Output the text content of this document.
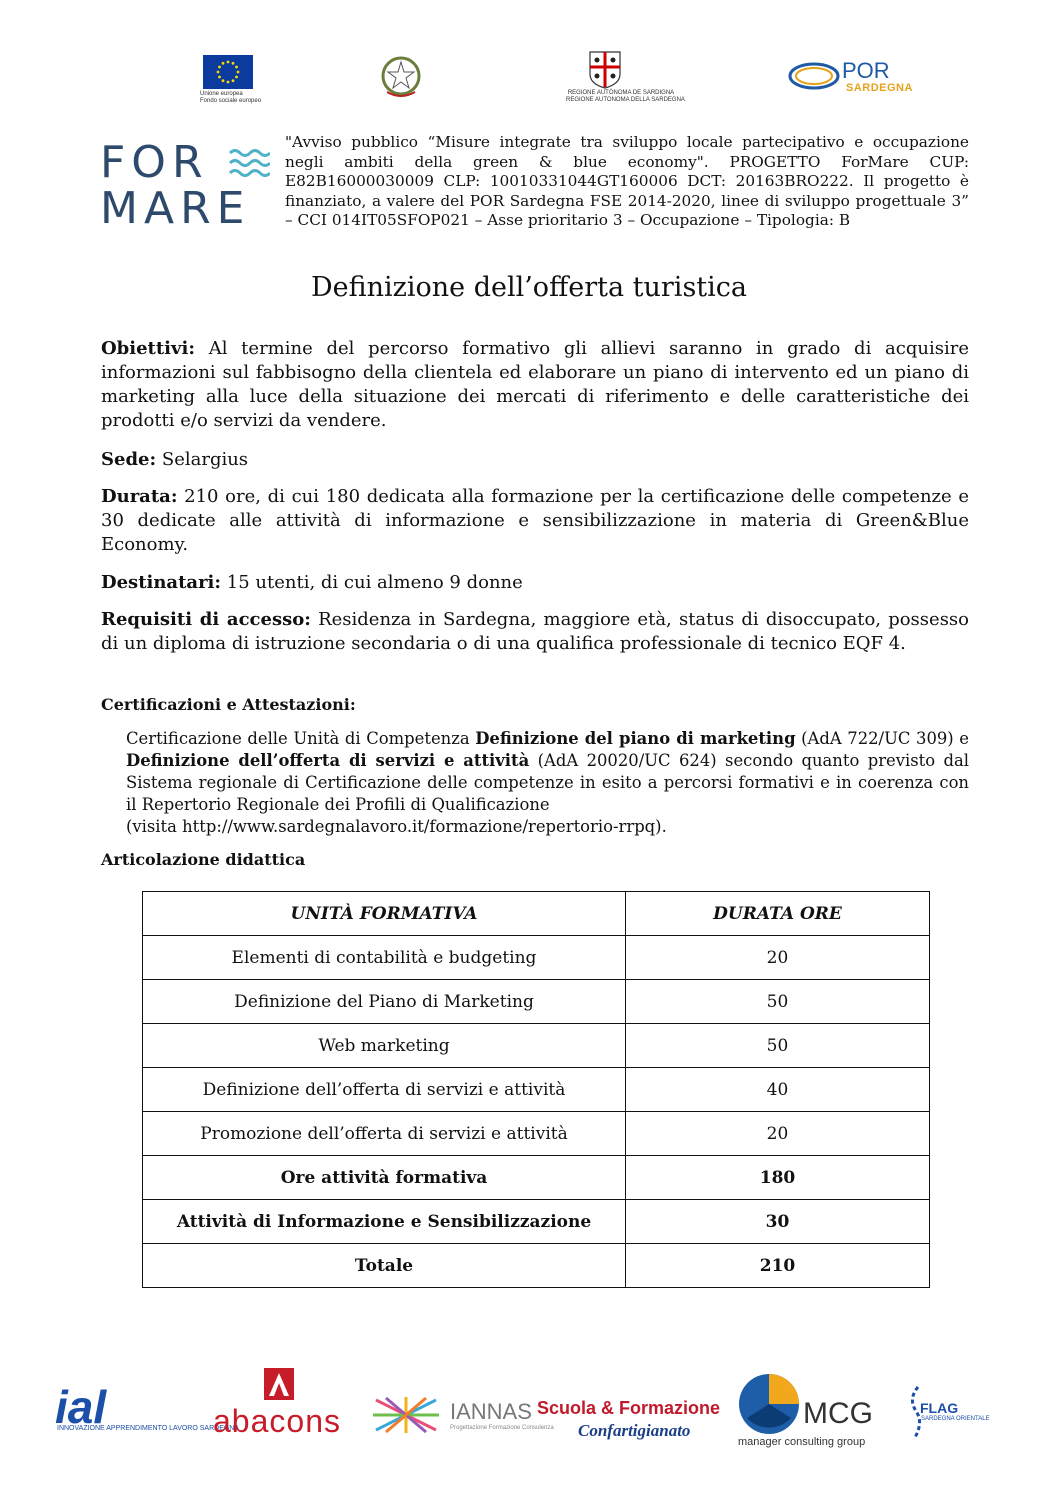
Unione europea
Fondo sociale europeo
REGIONE AUTÒNOMA DE SARDIGNA
REGIONE AUTONOMA DELLA SARDEGNA
POR
SARDEGNA
FOR
MARE
"Avviso pubblico “Misure integrate tra sviluppo locale partecipativo e occupazione negli ambiti della green & blue economy". PROGETTO ForMare CUP: E82B16000030009 CLP: 10010331044GT160006 DCT: 20163BRO222. Il progetto è finanziato, a valere del POR Sardegna FSE 2014-2020, linee di sviluppo progettuale 3” – CCI 014IT05SFOP021 – Asse prioritario 3 – Occupazione – Tipologia: B
Definizione dell’offerta turistica
Obiettivi: Al termine del percorso formativo gli allievi saranno in grado di acquisire informazioni sul fabbisogno della clientela ed elaborare un piano di intervento ed un piano di marketing alla luce della situazione dei mercati di riferimento e delle caratteristiche dei prodotti e/o servizi da vendere.
Sede: Selargius
Durata: 210 ore, di cui 180 dedicata alla formazione per la certificazione delle competenze e 30 dedicate alle attività di informazione e sensibilizzazione in materia di Green&Blue Economy.
Destinatari: 15 utenti, di cui almeno 9 donne
Requisiti di accesso: Residenza in Sardegna, maggiore età, status di disoccupato, possesso di un diploma di istruzione secondaria o di una qualifica professionale di tecnico EQF 4.
Certificazioni e Attestazioni:
Certificazione delle Unità di Competenza Definizione del piano di marketing (AdA 722/UC 309) e Definizione dell’offerta di servizi e attività (AdA 20020/UC 624) secondo quanto previsto dal Sistema regionale di Certificazione delle competenze in esito a percorsi formativi e in coerenza con il Repertorio Regionale dei Profili di Qualificazione
(visita http://www.sardegnalavoro.it/formazione/repertorio-rrpq).
Articolazione didattica
UNITÀ FORMATIVA	DURATA ORE
Elementi di contabilità e budgeting	20
Definizione del Piano di Marketing	50
Web marketing	50
Definizione dell’offerta di servizi e attività	40
Promozione dell’offerta di servizi e attività	20
Ore attività formativa	180
Attività di Informazione e Sensibilizzazione	30
Totale	210
ial
INNOVAZIONE APPRENDIMENTO LAVORO SARDEGNA
abacons	IANNAS
Progettazione Formazione Consulenza
Scuola & Formazione
Confartigianato
MCG
manager consulting group
FLAG
SARDEGNA ORIENTALE
